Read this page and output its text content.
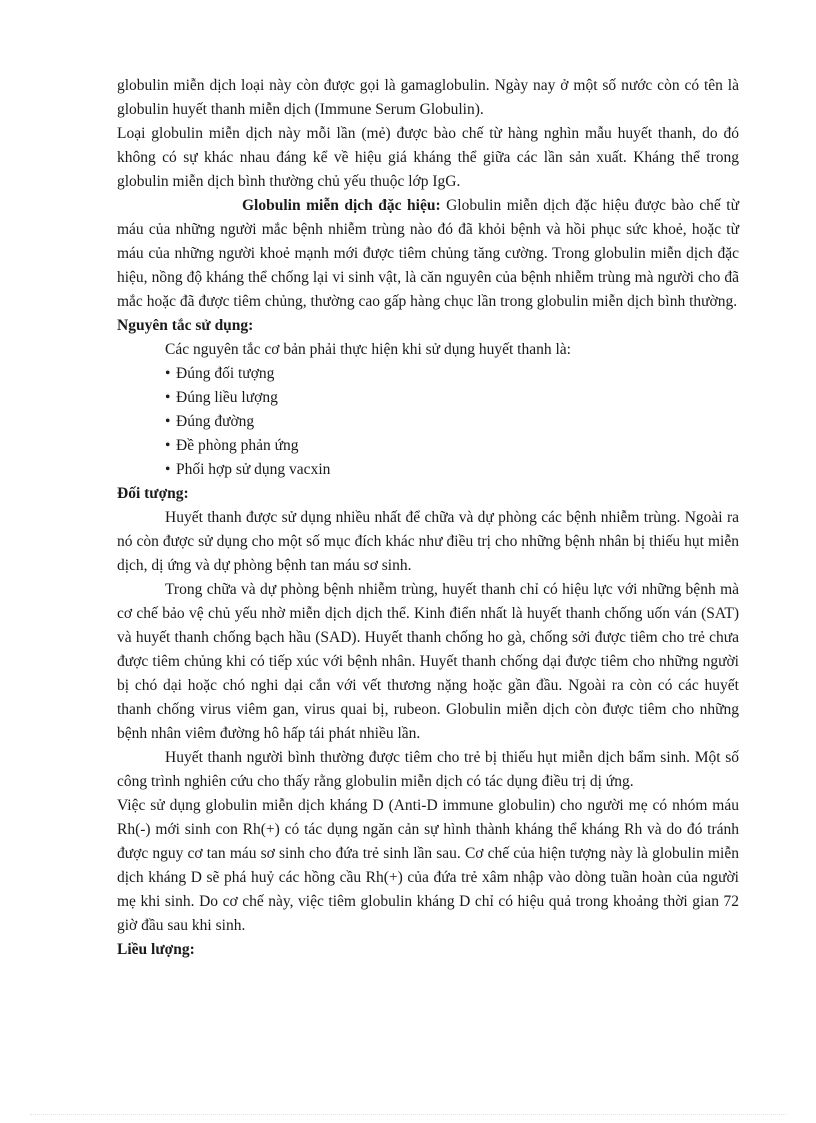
globulin miễn dịch loại này còn được gọi là gamaglobulin. Ngày nay ở một số nước còn có tên là globulin huyết thanh miễn dịch (Immune Serum Globulin).

Loại globulin miễn dịch này mỗi lần (mẻ) được bào chế từ hàng nghìn mẫu huyết thanh, do đó không có sự khác nhau đáng kể về hiệu giá kháng thể giữa các lần sản xuất. Kháng thể trong globulin miễn dịch bình thường chủ yếu thuộc lớp IgG.

Globulin miễn dịch đặc hiệu: Globulin miễn dịch đặc hiệu được bào chế từ máu của những người mắc bệnh nhiễm trùng nào đó đã khỏi bệnh và hồi phục sức khoẻ, hoặc từ máu của những người khoẻ mạnh mới được tiêm chủng tăng cường. Trong globulin miễn dịch đặc hiệu, nồng độ kháng thể chống lại vi sinh vật, là căn nguyên của bệnh nhiễm trùng mà người cho đã mắc hoặc đã được tiêm chủng, thường cao gấp hàng chục lần trong globulin miễn dịch bình thường.

Nguyên tắc sử dụng:

Các nguyên tắc cơ bản phải thực hiện khi sử dụng huyết thanh là:

• Đúng đối tượng
• Đúng liều lượng
• Đúng đường
• Đề phòng phản ứng
• Phối hợp sử dụng vacxin

Đối tượng:

Huyết thanh được sử dụng nhiều nhất để chữa và dự phòng các bệnh nhiễm trùng. Ngoài ra nó còn được sử dụng cho một số mục đích khác như điều trị cho những bệnh nhân bị thiếu hụt miễn dịch, dị ứng và dự phòng bệnh tan máu sơ sinh.

Trong chữa và dự phòng bệnh nhiễm trùng, huyết thanh chỉ có hiệu lực với những bệnh mà cơ chế bảo vệ chủ yếu nhờ miễn dịch dịch thể. Kinh điển nhất là huyết thanh chống uốn ván (SAT) và huyết thanh chống bạch hầu (SAD). Huyết thanh chống ho gà, chống sởi được tiêm cho trẻ chưa được tiêm chủng khi có tiếp xúc với bệnh nhân. Huyết thanh chống dại được tiêm cho những người bị chó dại hoặc chó nghi dại cắn với vết thương nặng hoặc gần đầu. Ngoài ra còn có các huyết thanh chống virus viêm gan, virus quai bị, rubeon. Globulin miễn dịch còn được tiêm cho những bệnh nhân viêm đường hô hấp tái phát nhiều lần.

Huyết thanh người bình thường được tiêm cho trẻ bị thiếu hụt miễn dịch bẩm sinh. Một số công trình nghiên cứu cho thấy rằng globulin miễn dịch có tác dụng điều trị dị ứng.

Việc sử dụng globulin miễn dịch kháng D (Anti-D immune globulin) cho người mẹ có nhóm máu Rh(-) mới sinh con Rh(+) có tác dụng ngăn cản sự hình thành kháng thể kháng Rh và do đó tránh được nguy cơ tan máu sơ sinh cho đứa trẻ sinh lần sau. Cơ chế của hiện tượng này là globulin miễn dịch kháng D sẽ phá huỷ các hồng cầu Rh(+) của đứa trẻ xâm nhập vào dòng tuần hoàn của người mẹ khi sinh. Do cơ chế này, việc tiêm globulin kháng D chỉ có hiệu quả trong khoảng thời gian 72 giờ đầu sau khi sinh.

Liều lượng:
